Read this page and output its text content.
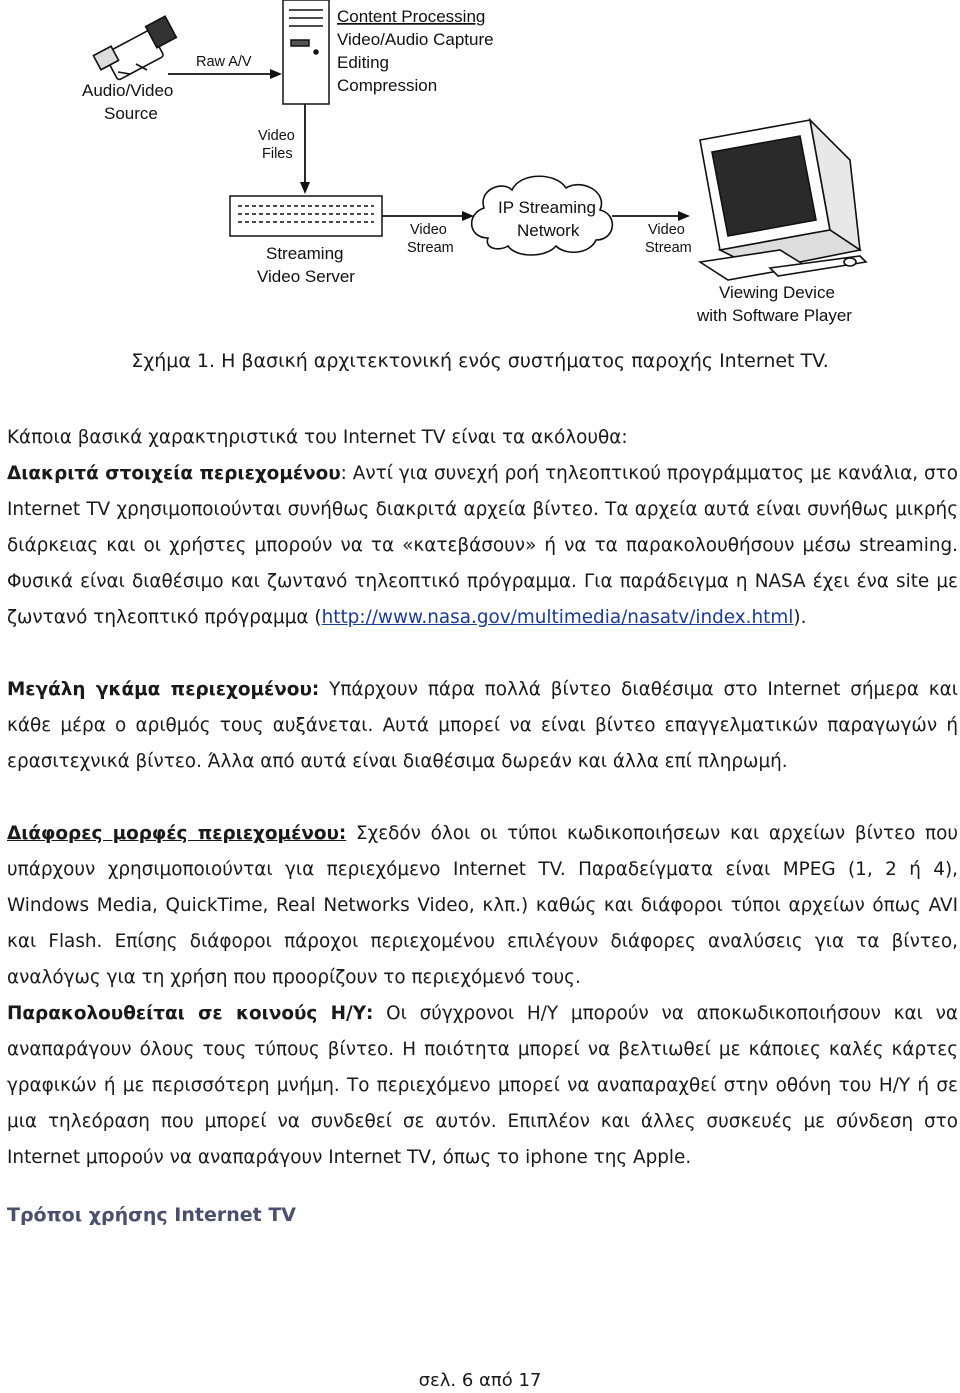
Audio/Video
Source
Raw A/V
Content Processing
Video/Audio Capture
Editing
Compression
Video
Files
Streaming
Video Server
Video
Stream
IP Streaming
Network	Video
Stream
Viewing Device
with Software Player
Σχήμα 1. Η βασική αρχιτεκτονική ενός συστήματος παροχής Internet TV.

Κάποια βασικά χαρακτηριστικά του Internet TV είναι τα ακόλουθα:
Διακριτά στοιχεία περιεχομένου: Αντί για συνεχή ροή τηλεοπτικού προγράμματος με κανάλια, στο Internet TV χρησιμοποιούνται συνήθως διακριτά αρχεία βίντεο. Τα αρχεία αυτά είναι συνήθως μικρής διάρκειας και οι χρήστες μπορούν να τα «κατεβάσουν» ή να τα παρακολουθήσουν μέσω streaming. Φυσικά είναι διαθέσιμο και ζωντανό τηλεοπτικό πρόγραμμα. Για παράδειγμα η NASA έχει ένα site με ζωντανό τηλεοπτικό πρόγραμμα (http://www.nasa.gov/multimedia/nasatv/index.html).

Μεγάλη γκάμα περιεχομένου: Υπάρχουν πάρα πολλά βίντεο διαθέσιμα στο Internet σήμερα και κάθε μέρα ο αριθμός τους αυξάνεται. Αυτά μπορεί να είναι βίντεο επαγγελματικών παραγωγών ή ερασιτεχνικά βίντεο. Άλλα από αυτά είναι διαθέσιμα δωρεάν και άλλα επί πληρωμή.

Διάφορες μορφές περιεχομένου: Σχεδόν όλοι οι τύποι κωδικοποιήσεων και αρχείων βίντεο που υπάρχουν χρησιμοποιούνται για περιεχόμενο Internet TV. Παραδείγματα είναι MPEG (1, 2 ή 4), Windows Media, QuickTime, Real Networks Video, κλπ.) καθώς και διάφοροι τύποι αρχείων όπως AVI και Flash. Επίσης διάφοροι πάροχοι περιεχομένου επιλέγουν διάφορες αναλύσεις για τα βίντεο, αναλόγως για τη χρήση που προορίζουν το περιεχόμενό τους.

Παρακολουθείται σε κοινούς Η/Υ: Οι σύγχρονοι Η/Υ μπορούν να αποκωδικοποιήσουν και να αναπαράγουν όλους τους τύπους βίντεο. Η ποιότητα μπορεί να βελτιωθεί με κάποιες καλές κάρτες γραφικών ή με περισσότερη μνήμη. Το περιεχόμενο μπορεί να αναπαραχθεί στην οθόνη του Η/Υ ή σε μια τηλεόραση που μπορεί να συνδεθεί σε αυτόν. Επιπλέον και άλλες συσκευές με σύνδεση στο Internet μπορούν να αναπαράγουν Internet TV, όπως το iphone της Apple.

Τρόποι χρήσης Internet TV
σελ. 6 από 17
